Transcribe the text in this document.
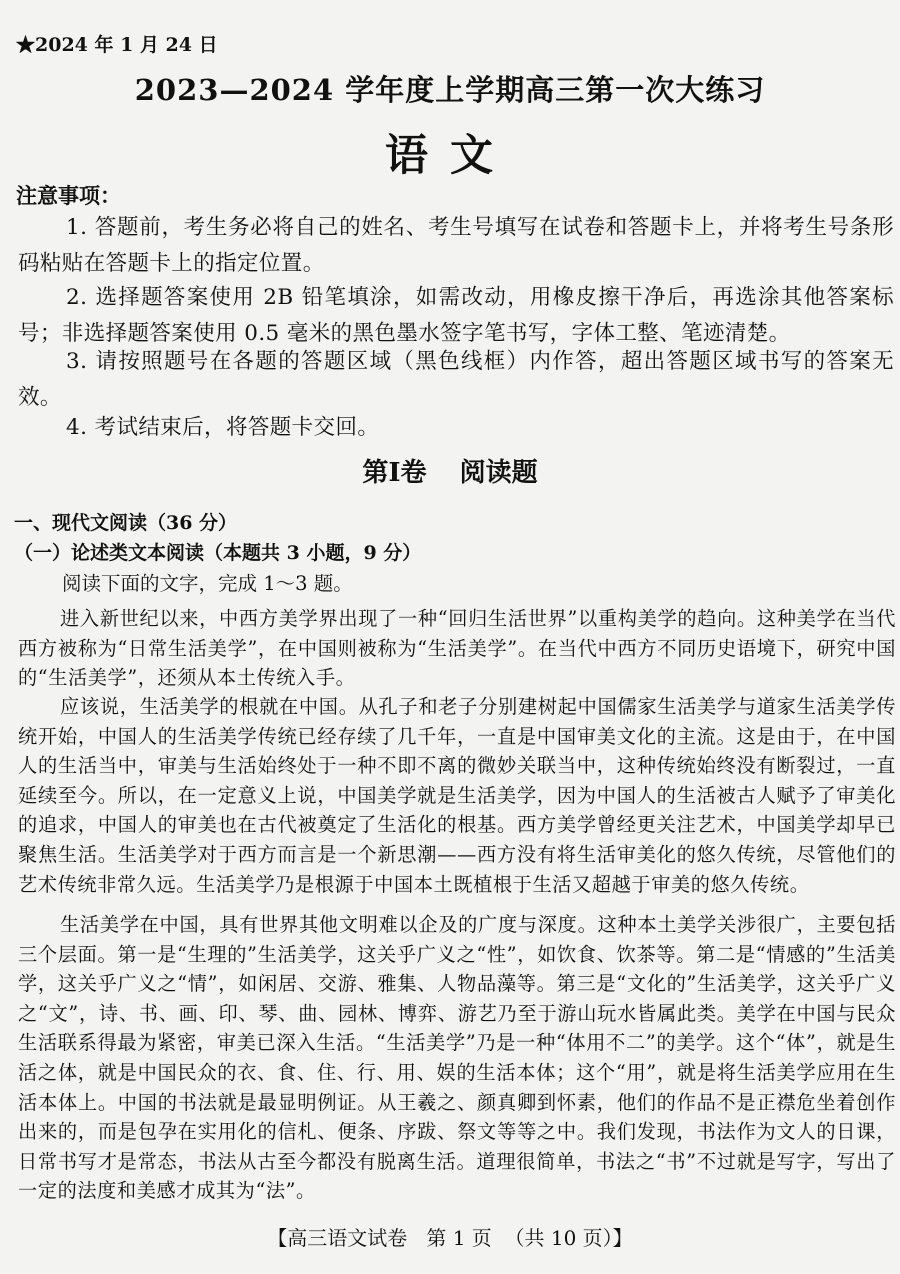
★2024 年 1 月 24 日
2023—2024 学年度上学期高三第一次大练习
语文
注意事项：
1. 答题前，考生务必将自己的姓名、考生号填写在试卷和答题卡上，并将考生号条形码粘贴在答题卡上的指定位置。
2. 选择题答案使用 2B 铅笔填涂，如需改动，用橡皮擦干净后，再选涂其他答案标号；非选择题答案使用 0.5 毫米的黑色墨水签字笔书写，字体工整、笔迹清楚。
3. 请按照题号在各题的答题区域（黑色线框）内作答，超出答题区域书写的答案无效。
4. 考试结束后，将答题卡交回。
第I卷 阅读题
一、现代文阅读（36 分）
（一）论述类文本阅读（本题共 3 小题，9 分）
阅读下面的文字，完成 1～3 题。
进入新世纪以来，中西方美学界出现了一种“回归生活世界”以重构美学的趋向。这种美学在当代西方被称为“日常生活美学”，在中国则被称为“生活美学”。在当代中西方不同历史语境下，研究中国的“生活美学”，还须从本土传统入手。
应该说，生活美学的根就在中国。从孔子和老子分别建树起中国儒家生活美学与道家生活美学传统开始，中国人的生活美学传统已经存续了几千年，一直是中国审美文化的主流。这是由于，在中国人的生活当中，审美与生活始终处于一种不即不离的微妙关联当中，这种传统始终没有断裂过，一直延续至今。所以，在一定意义上说，中国美学就是生活美学，因为中国人的生活被古人赋予了审美化的追求，中国人的审美也在古代被奠定了生活化的根基。西方美学曾经更关注艺术，中国美学却早已聚焦生活。生活美学对于西方而言是一个新思潮——西方没有将生活审美化的悠久传统，尽管他们的艺术传统非常久远。生活美学乃是根源于中国本土既植根于生活又超越于审美的悠久传统。
生活美学在中国，具有世界其他文明难以企及的广度与深度。这种本土美学关涉很广，主要包括三个层面。第一是“生理的”生活美学，这关乎广义之“性”，如饮食、饮茶等。第二是“情感的”生活美学，这关乎广义之“情”，如闲居、交游、雅集、人物品藻等。第三是“文化的”生活美学，这关乎广义之“文”，诗、书、画、印、琴、曲、园林、博弈、游艺乃至于游山玩水皆属此类。美学在中国与民众生活联系得最为紧密，审美已深入生活。“生活美学”乃是一种“体用不二”的美学。这个“体”，就是生活之体，就是中国民众的衣、食、住、行、用、娱的生活本体；这个“用”，就是将生活美学应用在生活本体上。中国的书法就是最显明例证。从王羲之、颜真卿到怀素，他们的作品不是正襟危坐着创作出来的，而是包孕在实用化的信札、便条、序跋、祭文等等之中。我们发现，书法作为文人的日课，日常书写才是常态，书法从古至今都没有脱离生活。道理很简单，书法之“书”不过就是写字，写出了一定的法度和美感才成其为“法”。
【高三语文试卷   第 1 页  （共 10 页）】
